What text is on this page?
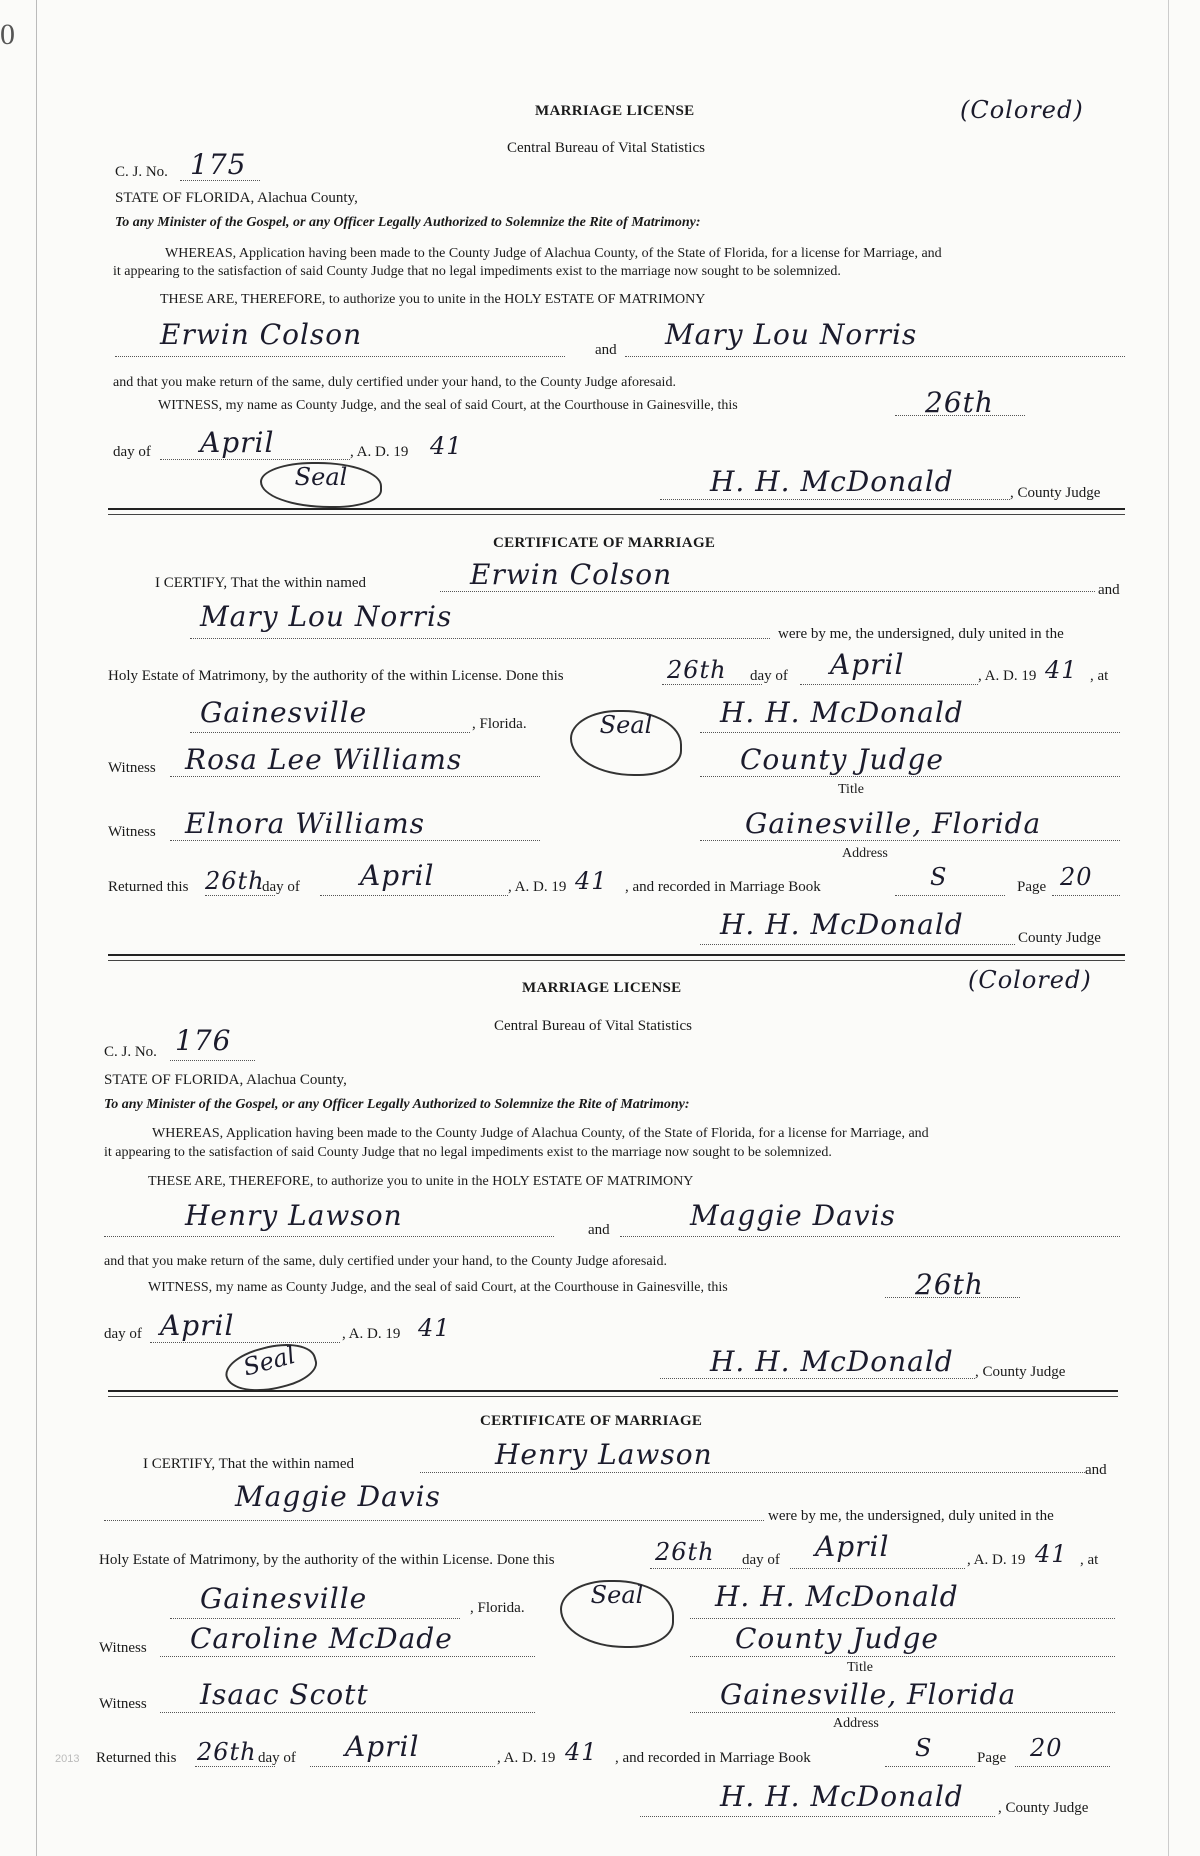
0
MARRIAGE LICENSE	(Colored)
Central Bureau of Vital Statistics
C. J. No. 175
STATE OF FLORIDA, Alachua County,
To any Minister of the Gospel, or any Officer Legally Authorized to Solemnize the Rite of Matrimony:
WHEREAS, Application having been made to the County Judge of Alachua County, of the State of Florida, for a license for Marriage, and
it appearing to the satisfaction of said County Judge that no legal impediments exist to the marriage now sought to be solemnized.
THESE ARE, THEREFORE, to authorize you to unite in the HOLY ESTATE OF MATRIMONY
Erwin Colson	and Mary Lou Norris
and that you make return of the same, duly certified under your hand, to the County Judge aforesaid.
WITNESS, my name as County Judge, and the seal of said Court, at the Courthouse in Gainesville, this	26th
day of April	, A. D. 19 41
Seal	H. H. McDonald	, County Judge
CERTIFICATE OF MARRIAGE
I CERTIFY, That the within named	Erwin Colson	and
Mary Lou Norris
were by me, the undersigned, duly united in the
Holy Estate of Matrimony, by the authority of the within License. Done this	26th day of April	, A. D. 19 41 , at
Gainesville	, Florida.	Seal	H. H. McDonald
Witness Rosa Lee Williams	County Judge
Title
Witness Elnora Williams	Gainesville, Florida
Address
Returned this 26th
day of April	, A. D. 19 41 , and recorded in Marriage Book	S	Page 20
H. H. McDonald	County Judge
MARRIAGE LICENSE	(Colored)
Central Bureau of Vital Statistics
C. J. No. 176
STATE OF FLORIDA, Alachua County,
To any Minister of the Gospel, or any Officer Legally Authorized to Solemnize the Rite of Matrimony:
WHEREAS, Application having been made to the County Judge of Alachua County, of the State of Florida, for a license for Marriage, and
it appearing to the satisfaction of said County Judge that no legal impediments exist to the marriage now sought to be solemnized.
THESE ARE, THEREFORE, to authorize you to unite in the HOLY ESTATE OF MATRIMONY
Henry Lawson	and	Maggie Davis
and that you make return of the same, duly certified under your hand, to the County Judge aforesaid.
WITNESS, my name as County Judge, and the seal of said Court, at the Courthouse in Gainesville, this	26th
day of April	, A. D. 19 41
Seal	H. H. McDonald , County Judge
CERTIFICATE OF MARRIAGE
I CERTIFY, That the within named	Henry Lawson	and
Maggie Davis
were by me, the undersigned, duly united in the
Holy Estate of Matrimony, by the authority of the within License. Done this	26th day of April	, A. D. 19 41 , at
Gainesville	, Florida.	Seal	H. H. McDonald
Witness Caroline McDade	County Judge
Title
Witness Isaac Scott	Gainesville, Florida
Address
2013 Returned this 26th day of April	, A. D. 19 41 , and recorded in Marriage Book	S	Page 20
H. H. McDonald , County Judge
